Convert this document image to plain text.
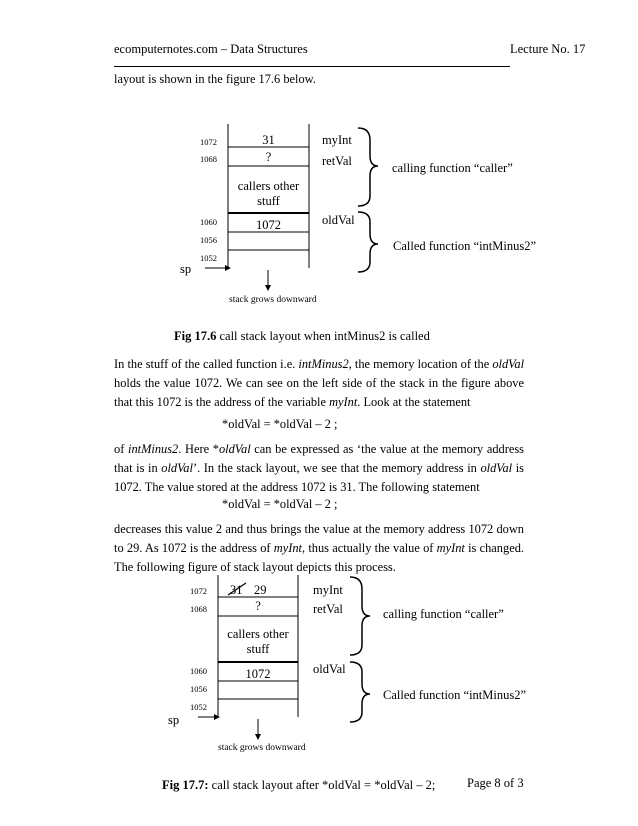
ecomputernotes.com – Data Structures	Lecture No. 17
layout is shown in the figure 17.6 below.
1072
1068
1060
1056
1052
31
?
callers other
stuff
1072
myInt
retVal
oldVal
calling function “caller”
Called function “intMinus2”
sp
stack grows downward
Fig 17.6 call stack layout when intMinus2 is called
In the stuff of the called function i.e. intMinus2, the memory location of the oldVal holds the value 1072. We can see on the left side of the stack in the figure above that this 1072 is the address of the variable myInt. Look at the statement
*oldVal = *oldVal – 2 ;
of intMinus2. Here *oldVal can be expressed as ‘the value at the memory address that is in oldVal’. In the stack layout, we see that the memory address in oldVal is 1072. The value stored at the address 1072 is 31. The following statement
*oldVal = *oldVal – 2 ;
decreases this value 2 and thus brings the value at the memory address 1072 down to 29. As 1072 is the address of myInt, thus actually the value of myInt is changed. The following figure of stack layout depicts this process.
1072
1068
1060
1056
1052
31 29
?
callers other
stuff
1072
myInt
retVal
oldVal
calling function “caller”
Called function “intMinus2”
sp
stack grows downward
Fig 17.7: call stack layout after *oldVal = *oldVal – 2;	Page 8 of 3
